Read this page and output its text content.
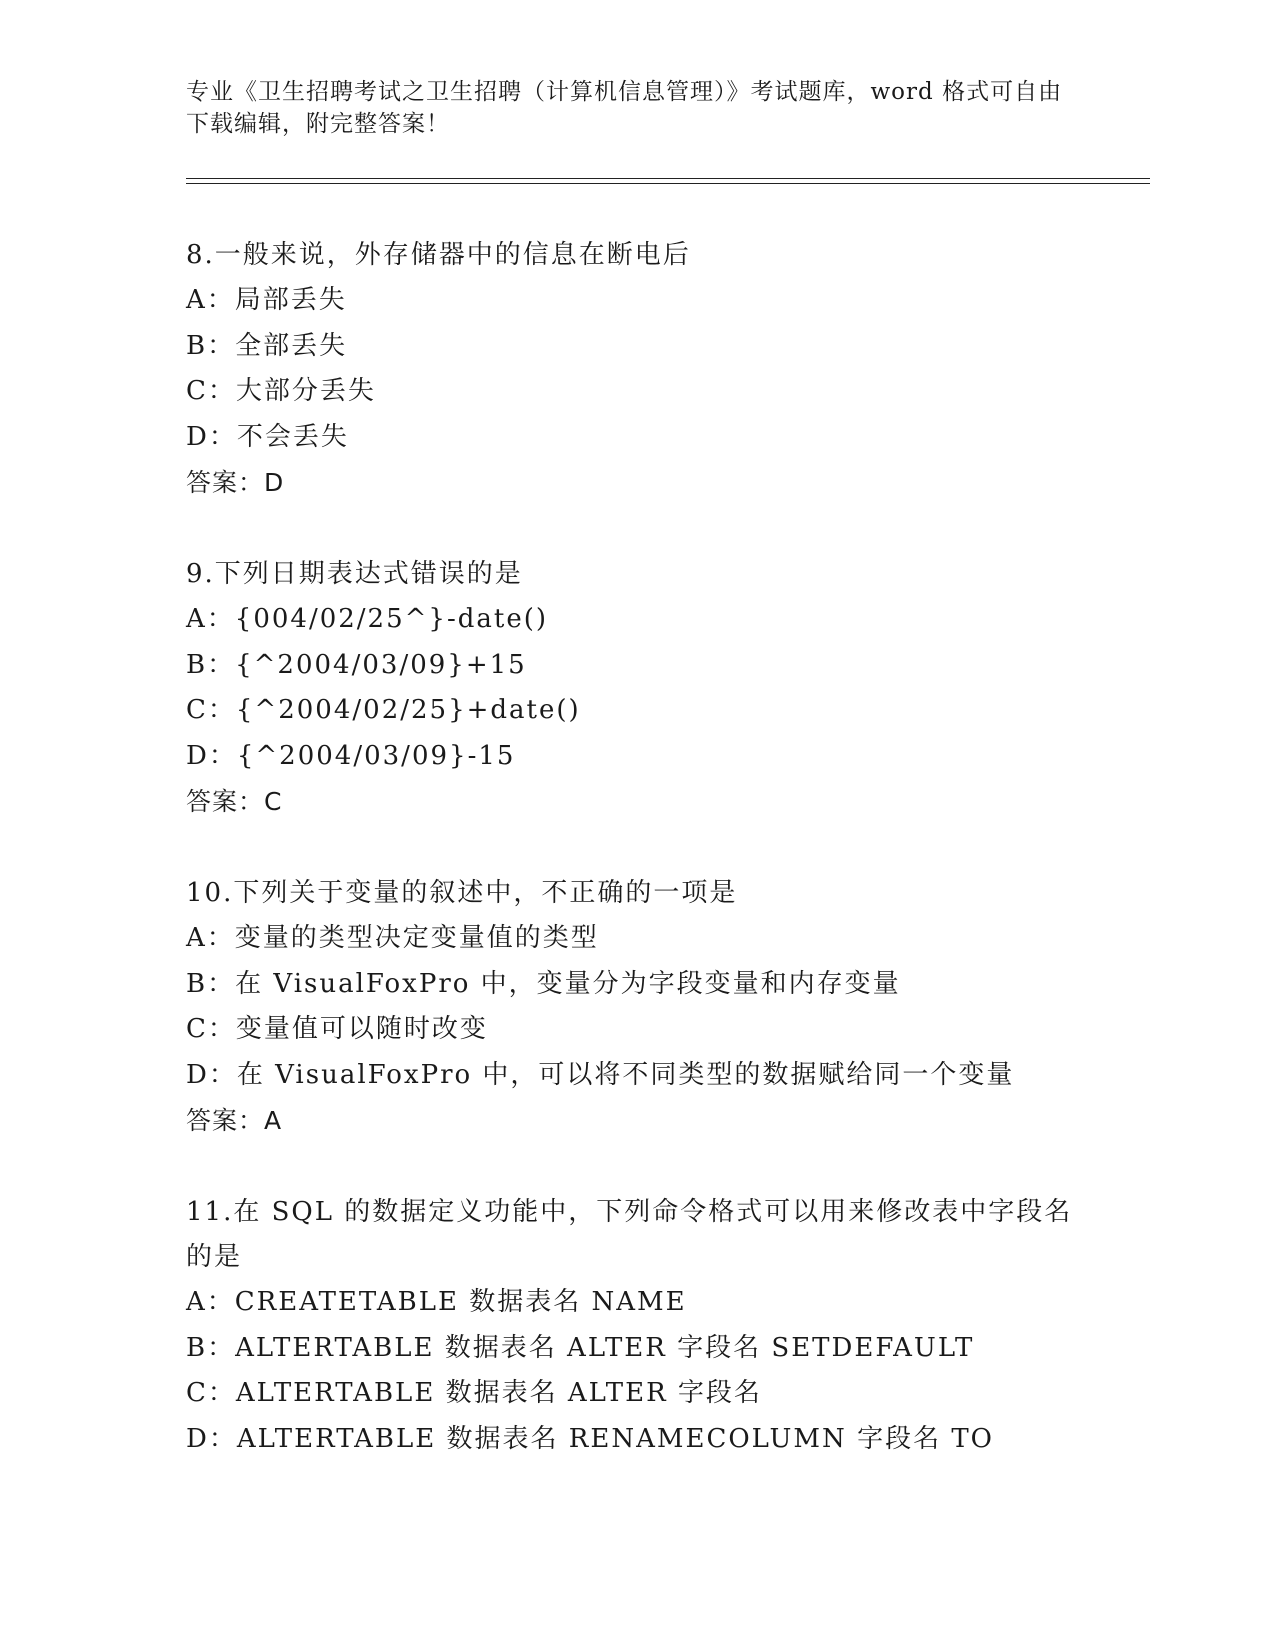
专业《卫生招聘考试之卫生招聘（计算机信息管理）》考试题库，word 格式可自由下载编辑，附完整答案！
8.一般来说，外存储器中的信息在断电后
A：局部丢失
B：全部丢失
C：大部分丢失
D：不会丢失
答案：D
9.下列日期表达式错误的是
A：{004/02/25^}-date()
B：{^2004/03/09}+15
C：{^2004/02/25}+date()
D：{^2004/03/09}-15
答案：C
10.下列关于变量的叙述中，不正确的一项是
A：变量的类型决定变量值的类型
B：在 VisualFoxPro 中，变量分为字段变量和内存变量
C：变量值可以随时改变
D：在 VisualFoxPro 中，可以将不同类型的数据赋给同一个变量
答案：A
11.在 SQL 的数据定义功能中，下列命令格式可以用来修改表中字段名的是
A：CREATETABLE 数据表名 NAME
B：ALTERTABLE 数据表名 ALTER 字段名 SETDEFAULT
C：ALTERTABLE 数据表名 ALTER 字段名
D：ALTERTABLE 数据表名 RENAMECOLUMN 字段名 TO
